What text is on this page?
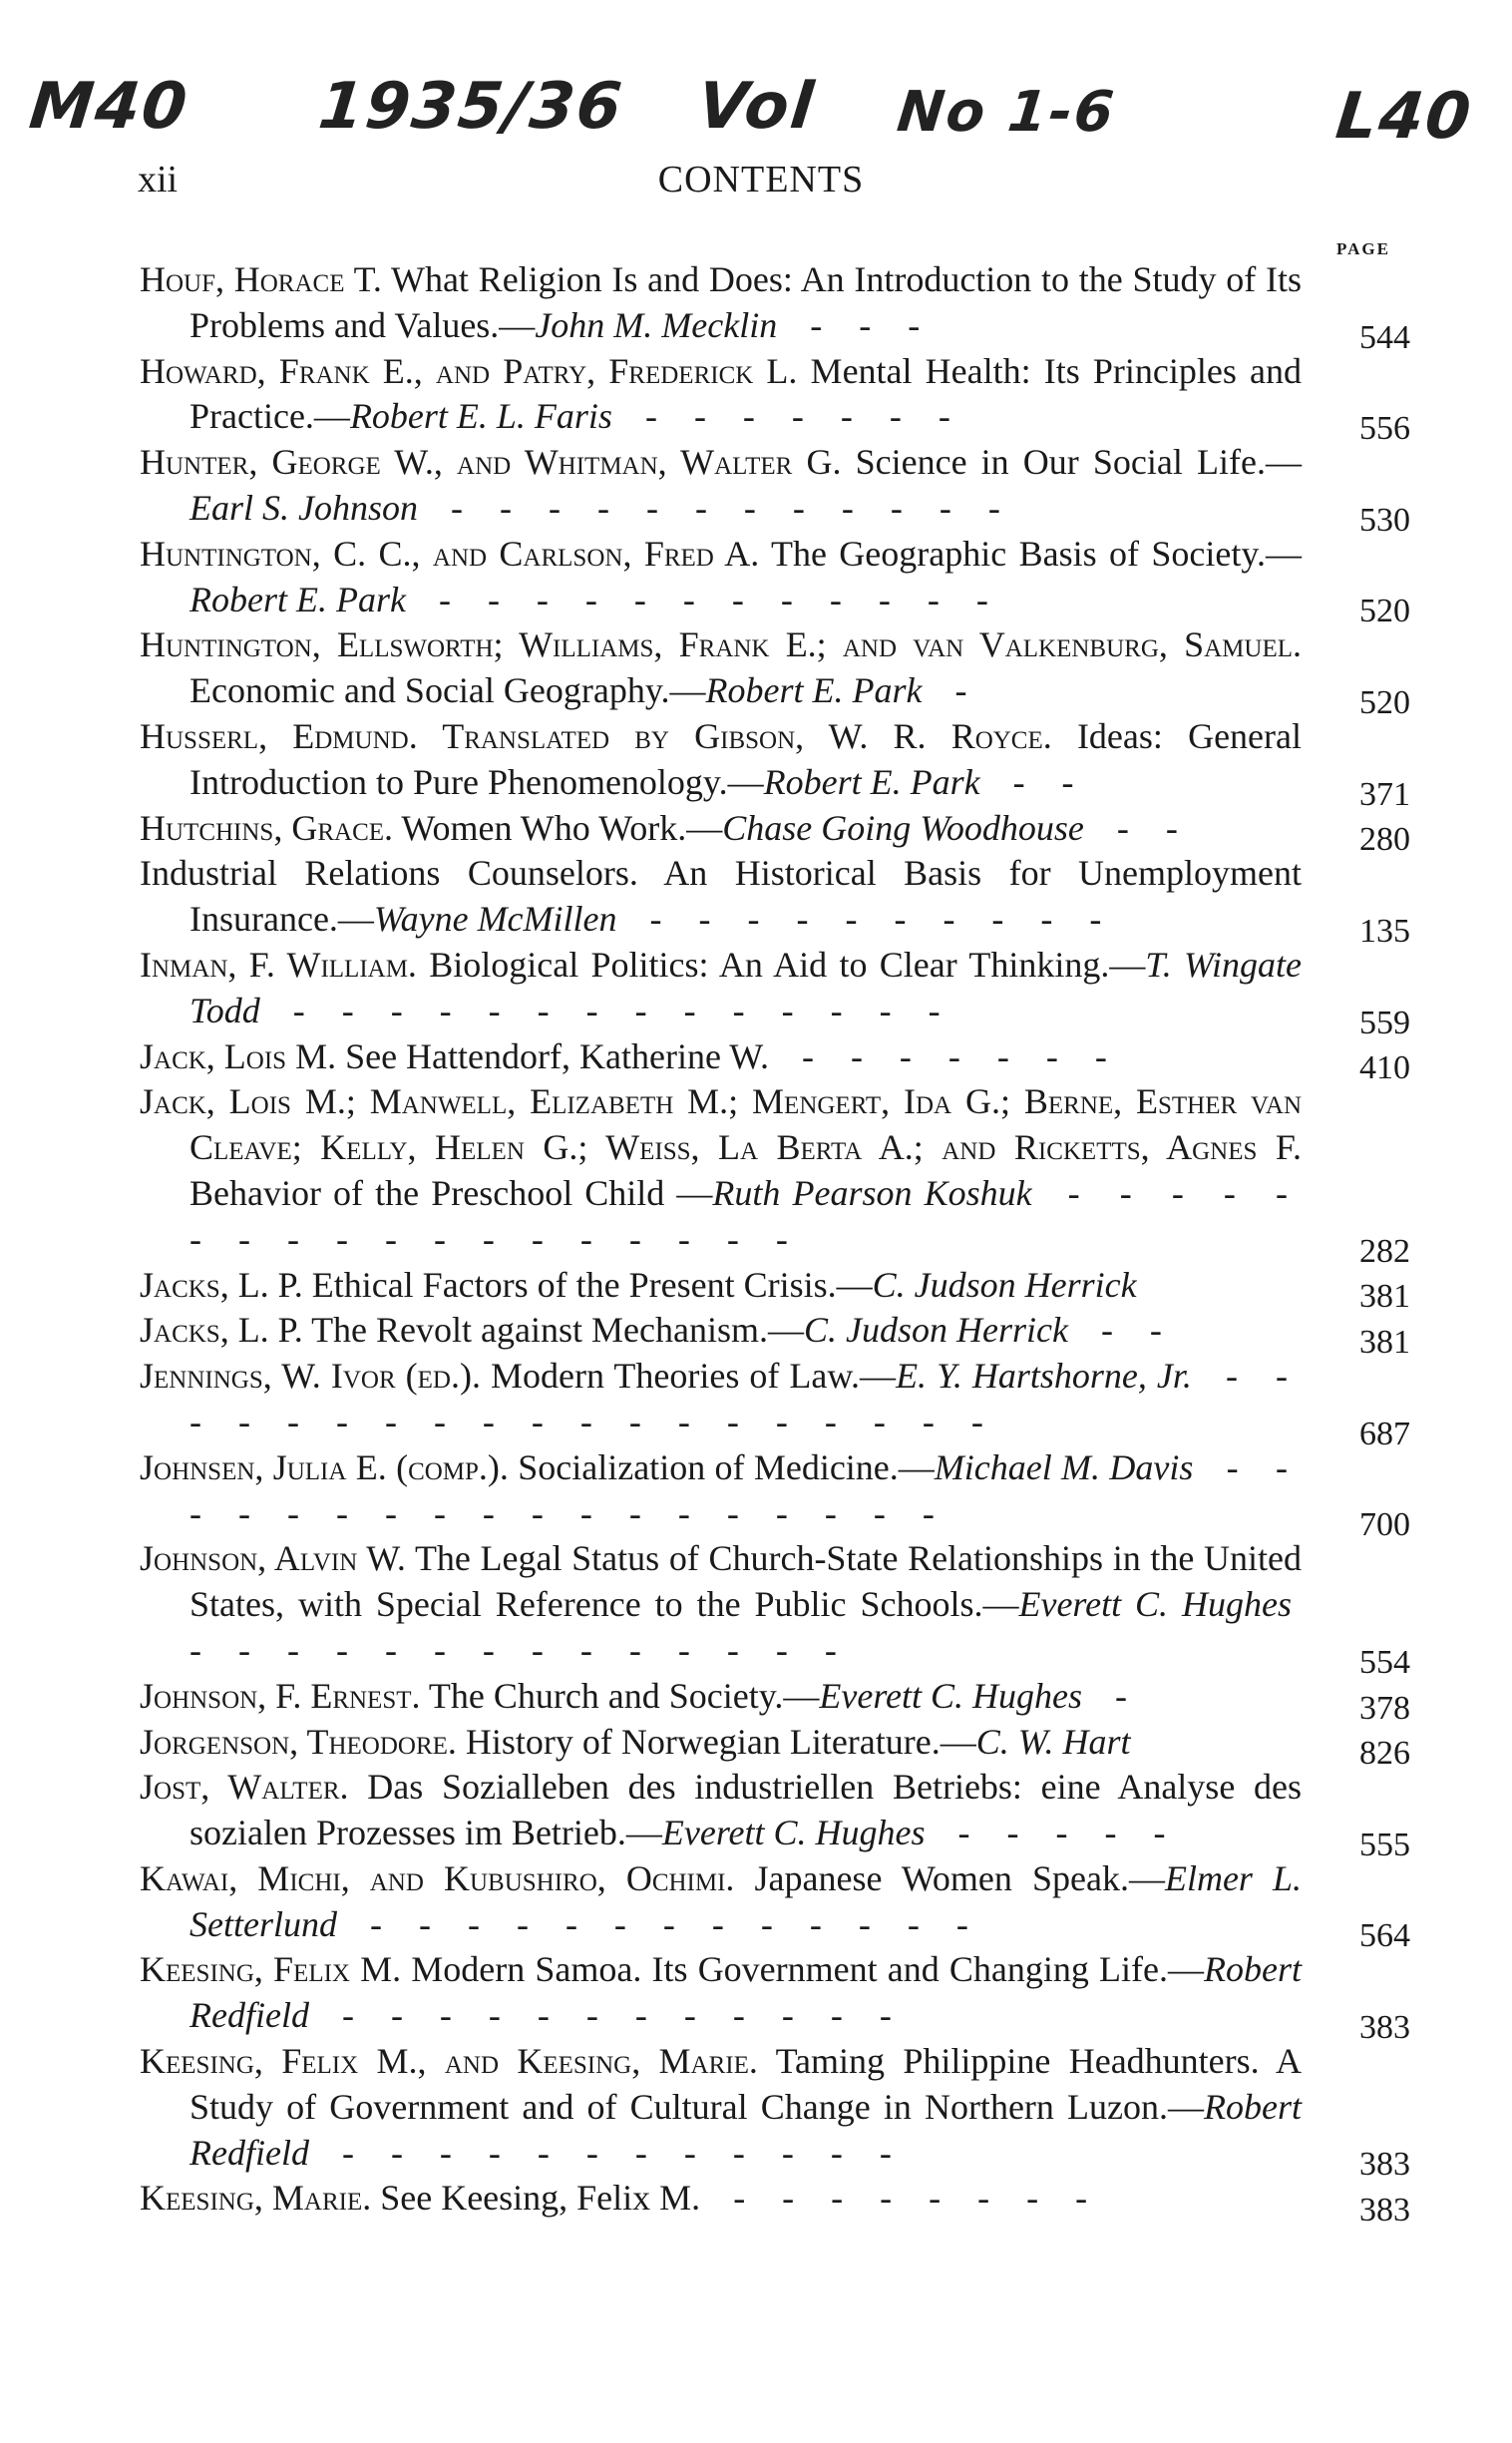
M40 1935/36 Vol No 1-6	L40
xii	CONTENTS
PAGE
Houf, Horace T. What Religion Is and Does: An Introduction to the Study of Its Problems and Values.—John M. Mecklin - - -	544
Howard, Frank E., and Patry, Frederick L. Mental Health: Its Principles and Practice.—Robert E. L. Faris - - - - - - -	556
Hunter, George W., and Whitman, Walter G. Science in Our Social Life.—Earl S. Johnson - - - - - - - - - - - -	530
Huntington, C. C., and Carlson, Fred A. The Geographic Basis of Society.—Robert E. Park - - - - - - - - - - - -	520
Huntington, Ellsworth; Williams, Frank E.; and van Valkenburg, Samuel. Economic and Social Geography.—Robert E. Park -	520
Husserl, Edmund. Translated by Gibson, W. R. Royce. Ideas: General Introduction to Pure Phenomenology.—Robert E. Park - -	371
Hutchins, Grace. Women Who Work.—Chase Going Woodhouse - -	280
Industrial Relations Counselors. An Historical Basis for Unemployment Insurance.—Wayne McMillen - - - - - - - - - -	135
Inman, F. William. Biological Politics: An Aid to Clear Thinking.—T. Wingate Todd - - - - - - - - - - - - - -	559
Jack, Lois M. See Hattendorf, Katherine W. - - - - - - -	410
Jack, Lois M.; Manwell, Elizabeth M.; Mengert, Ida G.; Berne, Esther van Cleave; Kelly, Helen G.; Weiss, La Berta A.; and Ricketts, Agnes F. Behavior of the Preschool Child —Ruth Pearson Koshuk - - - - - - - - - - - - - - - - - -	282
Jacks, L. P. Ethical Factors of the Present Crisis.—C. Judson Herrick	381
Jacks, L. P. The Revolt against Mechanism.—C. Judson Herrick - -	381
Jennings, W. Ivor (ed.). Modern Theories of Law.—E. Y. Hartshorne, Jr. - - - - - - - - - - - - - - - - - - -	687
Johnsen, Julia E. (comp.). Socialization of Medicine.—Michael M. Davis - - - - - - - - - - - - - - - - - -	700
Johnson, Alvin W. The Legal Status of Church-State Relationships in the United States, with Special Reference to the Public Schools.—Everett C. Hughes - - - - - - - - - - - - - -	554
Johnson, F. Ernest. The Church and Society.—Everett C. Hughes -	378
Jorgenson, Theodore. History of Norwegian Literature.—C. W. Hart	826
Jost, Walter. Das Sozialleben des industriellen Betriebs: eine Analyse des sozialen Prozesses im Betrieb.—Everett C. Hughes - - - - -	555
Kawai, Michi, and Kubushiro, Ochimi. Japanese Women Speak.—Elmer L. Setterlund - - - - - - - - - - - - -	564
Keesing, Felix M. Modern Samoa. Its Government and Changing Life.—Robert Redfield - - - - - - - - - - - -	383
Keesing, Felix M., and Keesing, Marie. Taming Philippine Headhunters. A Study of Government and of Cultural Change in Northern Luzon.—Robert Redfield - - - - - - - - - - - -	383
Keesing, Marie. See Keesing, Felix M. - - - - - - - -	383
